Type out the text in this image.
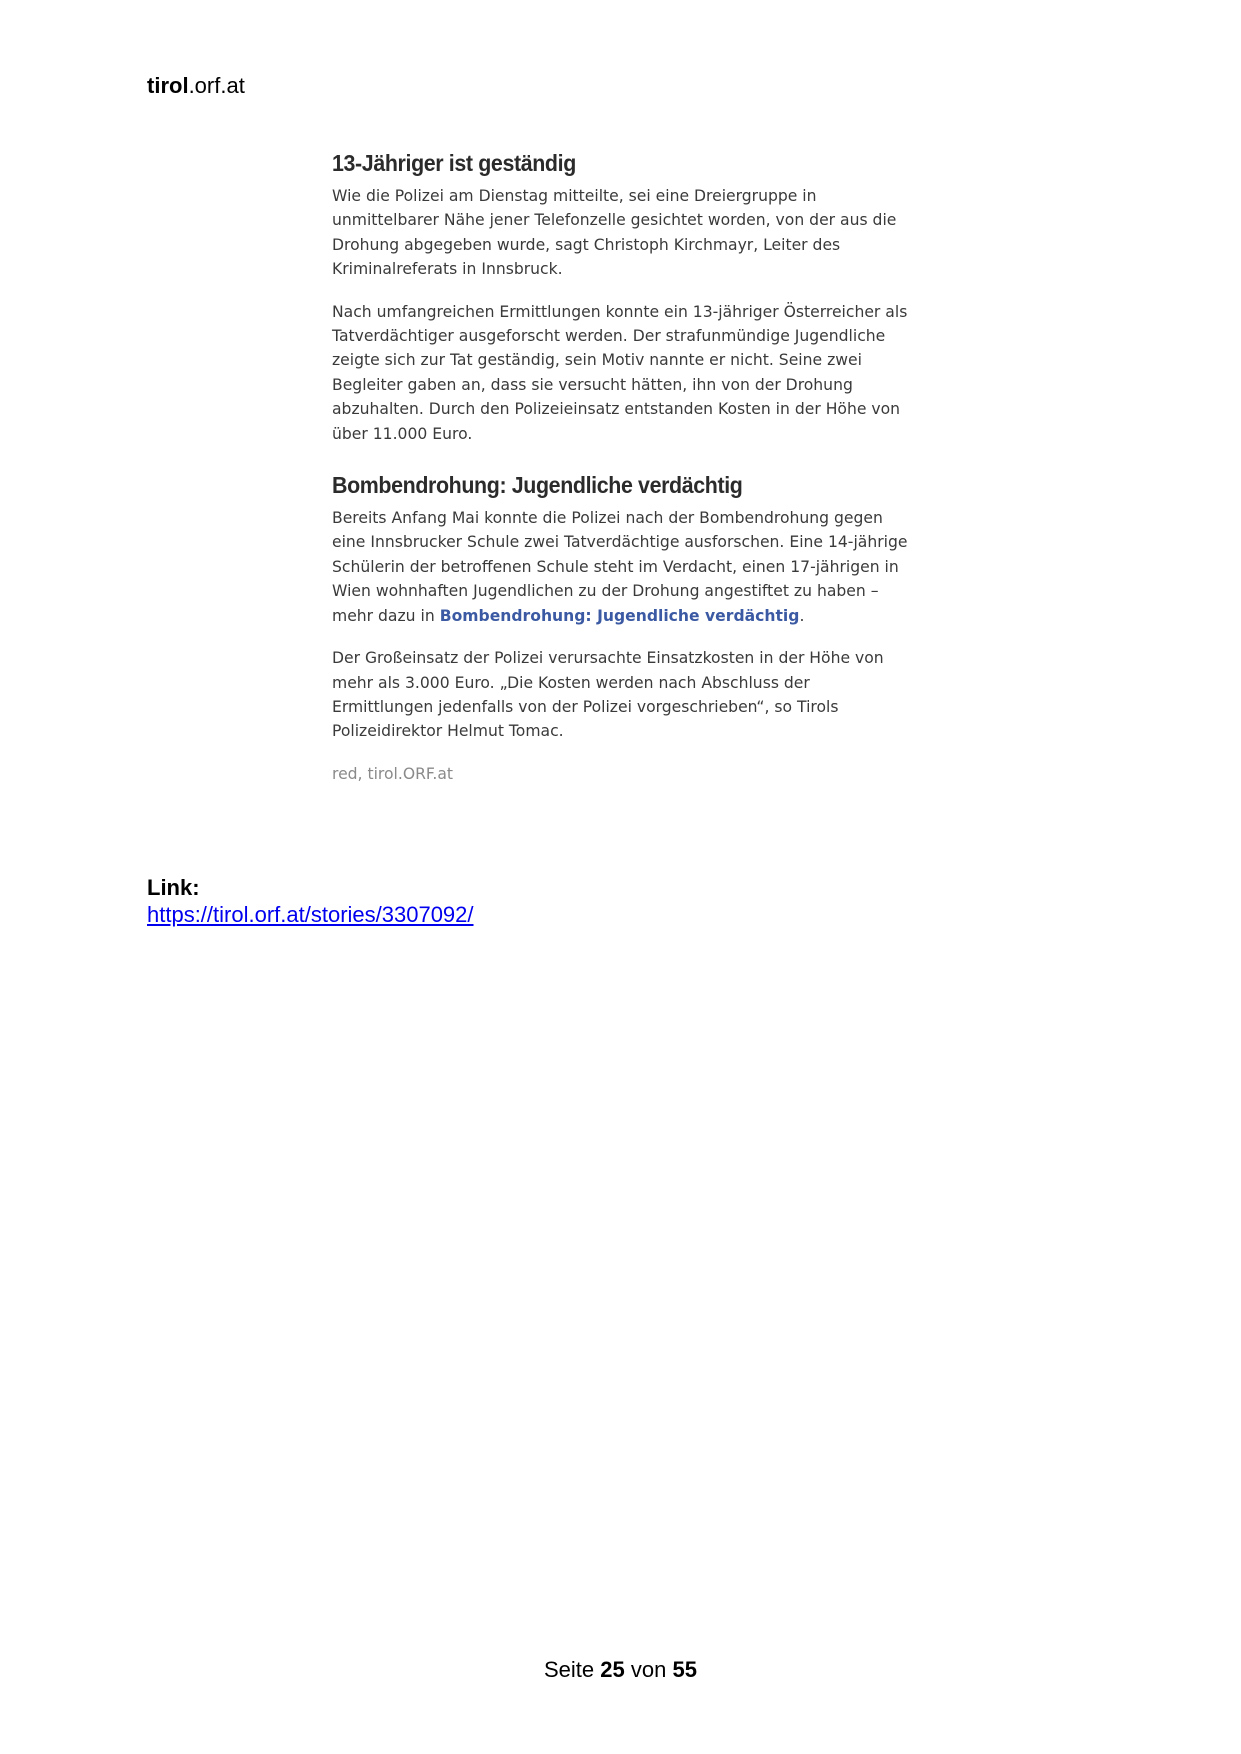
tirol.orf.at
13-Jähriger ist geständig

Wie die Polizei am Dienstag mitteilte, sei eine Dreiergruppe in unmittelbarer Nähe jener Telefonzelle gesichtet worden, von der aus die Drohung abgegeben wurde, sagt Christoph Kirchmayr, Leiter des Kriminalreferats in Innsbruck.

Nach umfangreichen Ermittlungen konnte ein 13-jähriger Österreicher als Tatverdächtiger ausgeforscht werden. Der strafunmündige Jugendliche zeigte sich zur Tat geständig, sein Motiv nannte er nicht. Seine zwei Begleiter gaben an, dass sie versucht hätten, ihn von der Drohung abzuhalten. Durch den Polizeieinsatz entstanden Kosten in der Höhe von über 11.000 Euro.

Bombendrohung: Jugendliche verdächtig

Bereits Anfang Mai konnte die Polizei nach der Bombendrohung gegen eine Innsbrucker Schule zwei Tatverdächtige ausforschen. Eine 14-jährige Schülerin der betroffenen Schule steht im Verdacht, einen 17-jährigen in Wien wohnhaften Jugendlichen zu der Drohung angestiftet zu haben – mehr dazu in Bombendrohung: Jugendliche verdächtig.

Der Großeinsatz der Polizei verursachte Einsatzkosten in der Höhe von mehr als 3.000 Euro. „Die Kosten werden nach Abschluss der Ermittlungen jedenfalls von der Polizei vorgeschrieben“, so Tirols Polizeidirektor Helmut Tomac.

red, tirol.ORF.at
Link:
https://tirol.orf.at/stories/3307092/
Seite 25 von 55
